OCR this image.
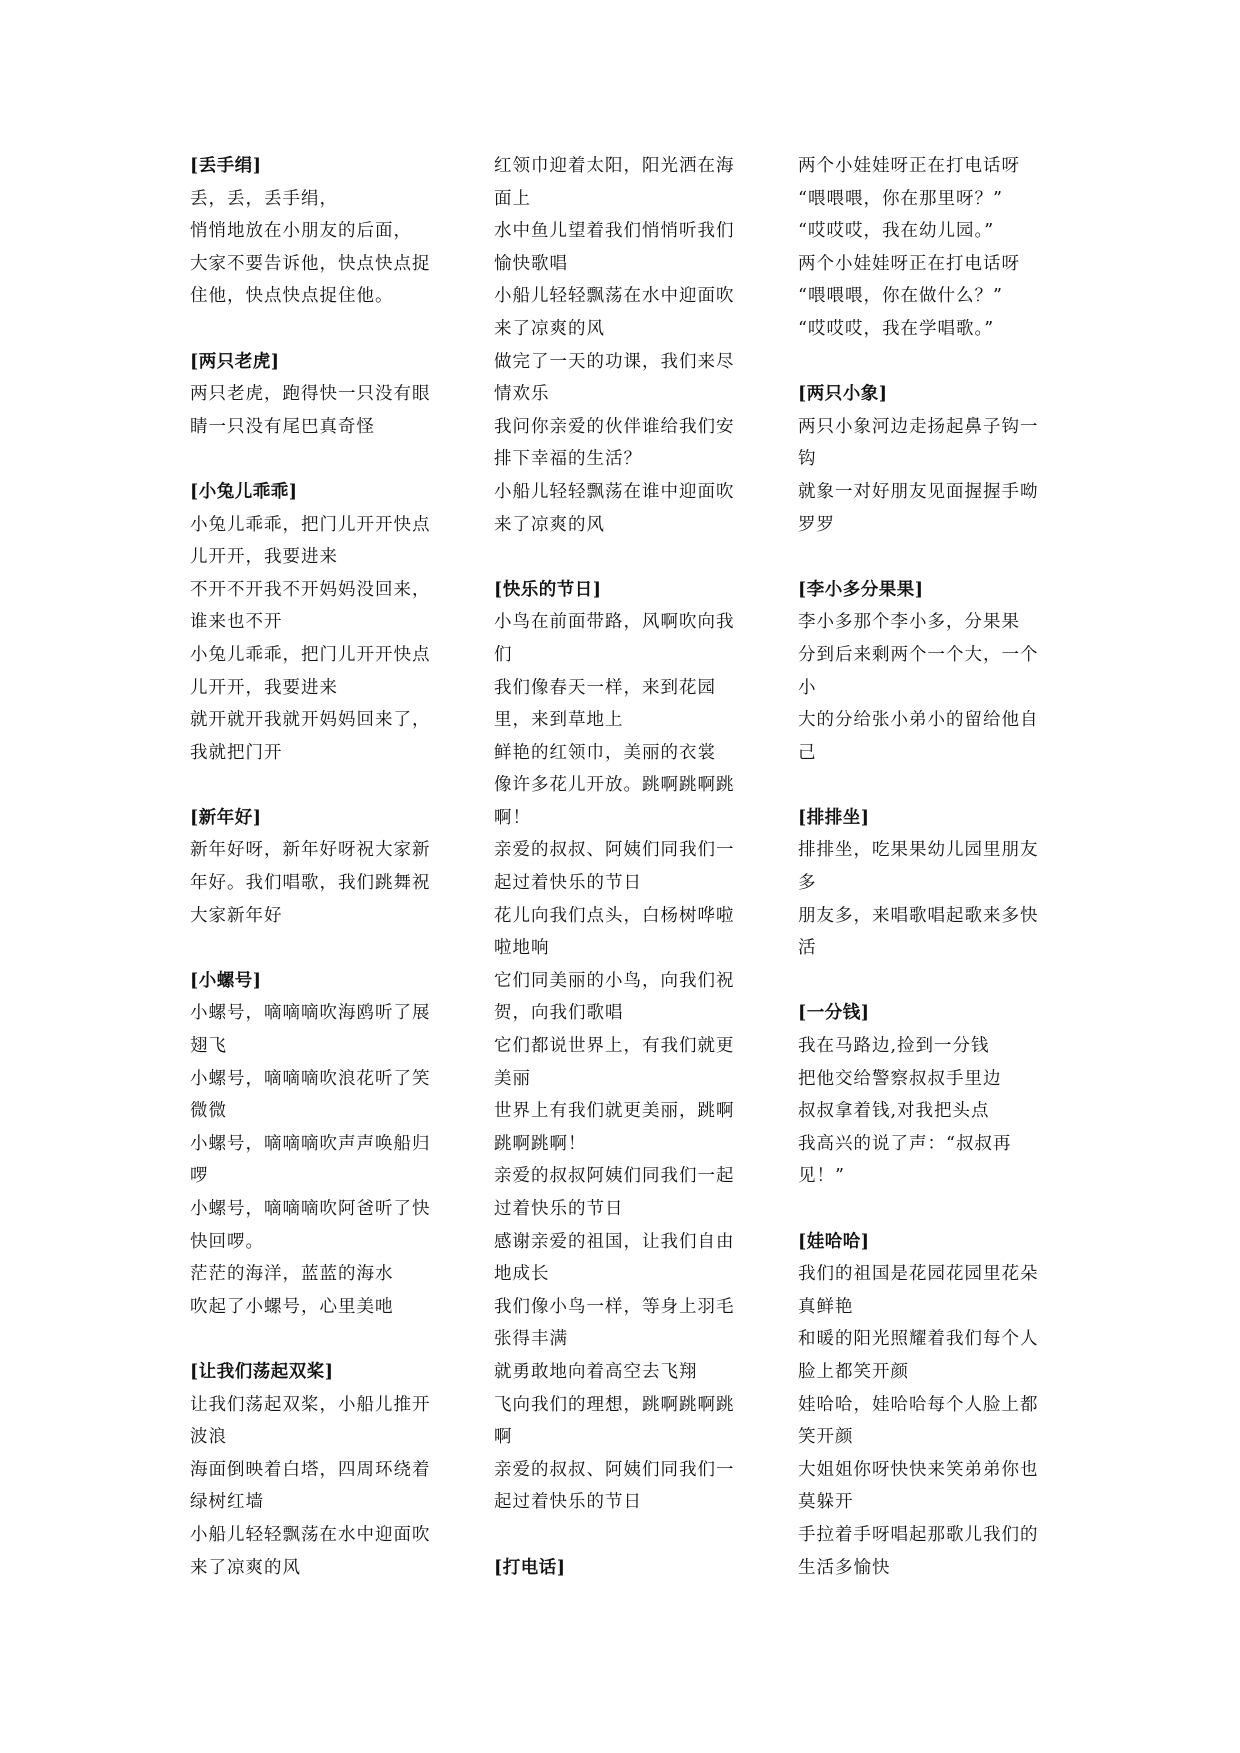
[丢手绢]
丢，丢，丢手绢，
悄悄地放在小朋友的后面，
大家不要告诉他，快点快点捉
住他，快点快点捉住他。
[两只老虎]
两只老虎，跑得快一只没有眼
睛一只没有尾巴真奇怪
[小兔儿乖乖]
小兔儿乖乖，把门儿开开快点
儿开开，我要进来
不开不开我不开妈妈没回来，
谁来也不开
小兔儿乖乖，把门儿开开快点
儿开开，我要进来
就开就开我就开妈妈回来了，
我就把门开
[新年好]
新年好呀，新年好呀祝大家新
年好。我们唱歌，我们跳舞祝
大家新年好
[小螺号]
小螺号，嘀嘀嘀吹海鸥听了展
翅飞
小螺号，嘀嘀嘀吹浪花听了笑
微微
小螺号，嘀嘀嘀吹声声唤船归
啰
小螺号，嘀嘀嘀吹阿爸听了快
快回啰。
茫茫的海洋，蓝蓝的海水
吹起了小螺号，心里美吔
[让我们荡起双桨]
让我们荡起双桨，小船儿推开
波浪
海面倒映着白塔，四周环绕着
绿树红墙
小船儿轻轻飘荡在水中迎面吹
来了凉爽的风
红领巾迎着太阳，阳光洒在海
面上
水中鱼儿望着我们悄悄听我们
愉快歌唱
小船儿轻轻飘荡在水中迎面吹
来了凉爽的风
做完了一天的功课，我们来尽
情欢乐
我问你亲爱的伙伴谁给我们安
排下幸福的生活？
小船儿轻轻飘荡在谁中迎面吹
来了凉爽的风
[快乐的节日]
小鸟在前面带路，风啊吹向我
们
我们像春天一样，来到花园
里，来到草地上
鲜艳的红领巾，美丽的衣裳
像许多花儿开放。跳啊跳啊跳
啊！
亲爱的叔叔、阿姨们同我们一
起过着快乐的节日
花儿向我们点头，白杨树哗啦
啦地响
它们同美丽的小鸟，向我们祝
贺，向我们歌唱
它们都说世界上，有我们就更
美丽
世界上有我们就更美丽，跳啊
跳啊跳啊！
亲爱的叔叔阿姨们同我们一起
过着快乐的节日
感谢亲爱的祖国，让我们自由
地成长
我们像小鸟一样，等身上羽毛
张得丰满
就勇敢地向着高空去飞翔
飞向我们的理想，跳啊跳啊跳
啊
亲爱的叔叔、阿姨们同我们一
起过着快乐的节日
[打电话]
两个小娃娃呀正在打电话呀
“喂喂喂，你在那里呀？”
“哎哎哎，我在幼儿园。”
两个小娃娃呀正在打电话呀
“喂喂喂，你在做什么？”
“哎哎哎，我在学唱歌。”
[两只小象]
两只小象河边走扬起鼻子钩一
钩
就象一对好朋友见面握握手呦
罗罗
[李小多分果果]
李小多那个李小多，分果果
分到后来剩两个一个大，一个
小
大的分给张小弟小的留给他自
己
[排排坐]
排排坐，吃果果幼儿园里朋友
多
朋友多，来唱歌唱起歌来多快
活
[一分钱]
我在马路边,捡到一分钱
把他交给警察叔叔手里边
叔叔拿着钱,对我把头点
我高兴的说了声：“叔叔再
见！”
[娃哈哈]
我们的祖国是花园花园里花朵
真鲜艳
和暖的阳光照耀着我们每个人
脸上都笑开颜
娃哈哈，娃哈哈每个人脸上都
笑开颜
大姐姐你呀快快来笑弟弟你也
莫躲开
手拉着手呀唱起那歌儿我们的
生活多愉快
